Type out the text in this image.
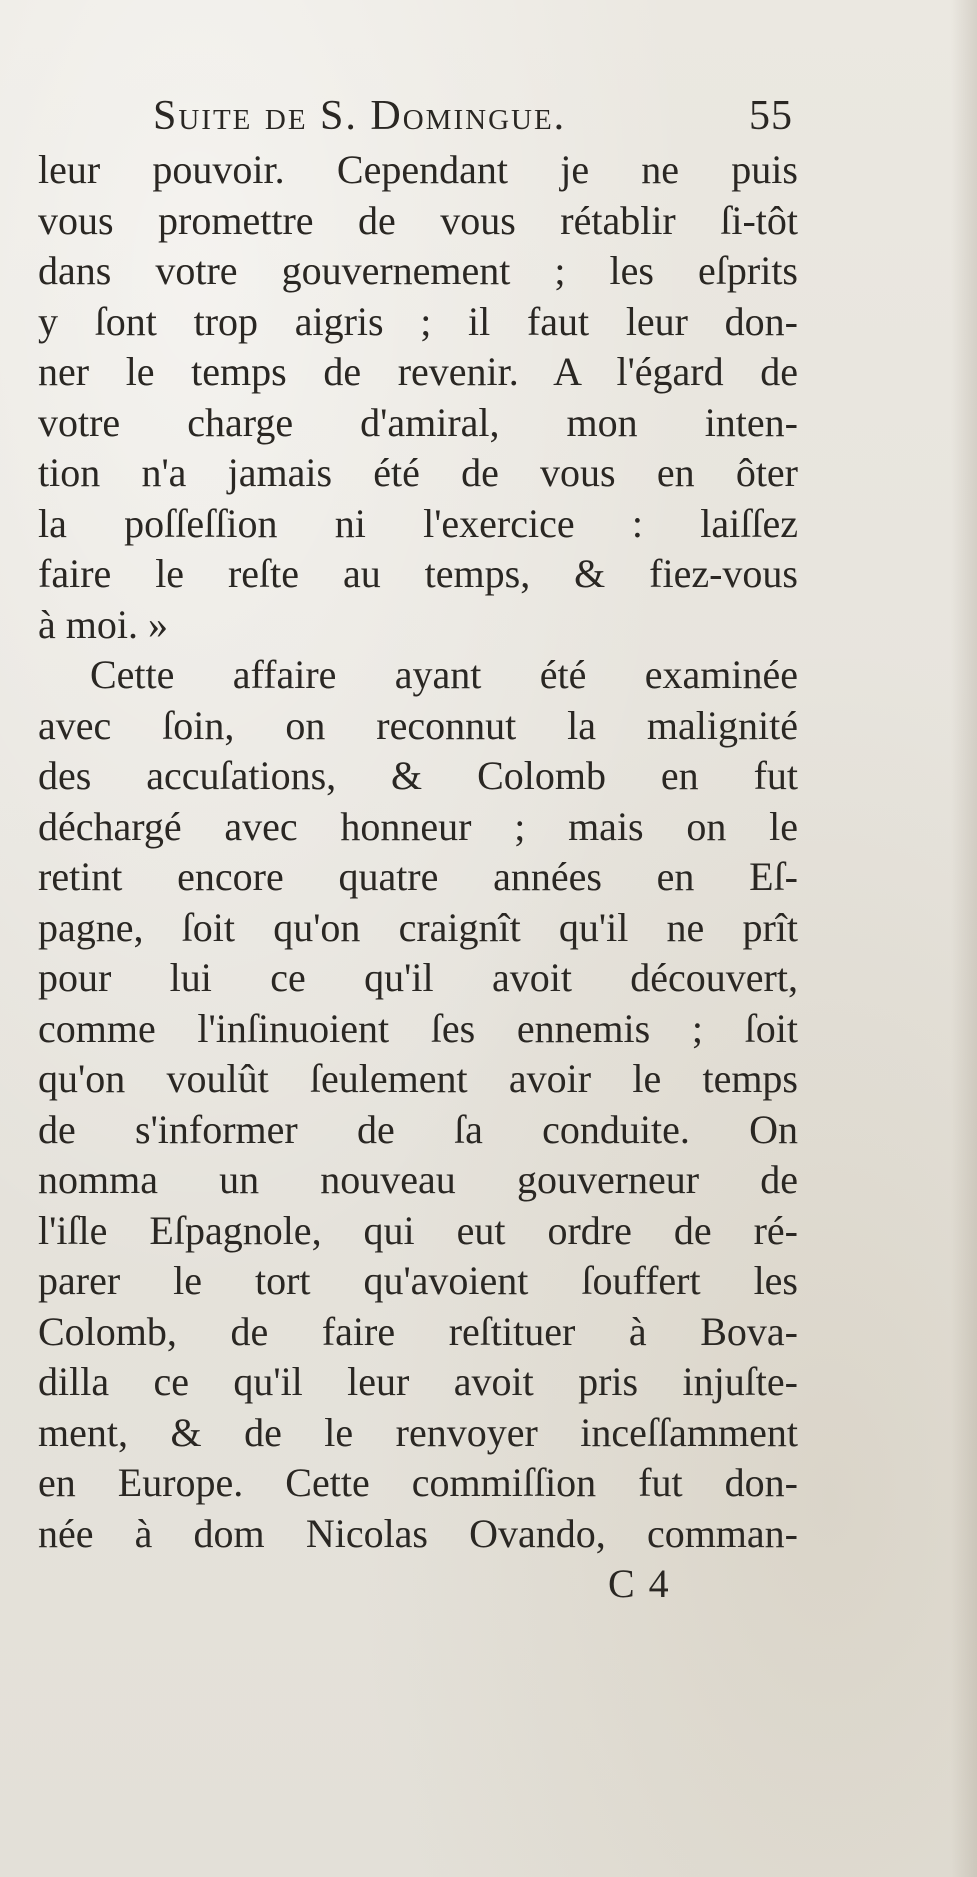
Suite de S. Domingue.	55
leur pouvoir. Cependant je ne puis
vous promettre de vous rétablir ſi-tôt
dans votre gouvernement ; les eſprits
y ſont trop aigris ; il faut leur don-
ner le temps de revenir. A l'égard de
votre charge d'amiral, mon inten-
tion n'a jamais été de vous en ôter
la poſſeſſion ni l'exercice : laiſſez
faire le reſte au temps, & fiez-vous
à moi. »
Cette affaire ayant été examinée
avec ſoin, on reconnut la malignité
des accuſations, & Colomb en fut
déchargé avec honneur ; mais on le
retint encore quatre années en Eſ-
pagne, ſoit qu'on craignît qu'il ne prît
pour lui ce qu'il avoit découvert,
comme l'inſinuoient ſes ennemis ; ſoit
qu'on voulût ſeulement avoir le temps
de s'informer de ſa conduite. On
nomma un nouveau gouverneur de
l'iſle Eſpagnole, qui eut ordre de ré-
parer le tort qu'avoient ſouffert les
Colomb, de faire reſtituer à Bova-
dilla ce qu'il leur avoit pris injuſte-
ment, & de le renvoyer inceſſamment
en Europe. Cette commiſſion fut don-
née à dom Nicolas Ovando, comman-
C 4
